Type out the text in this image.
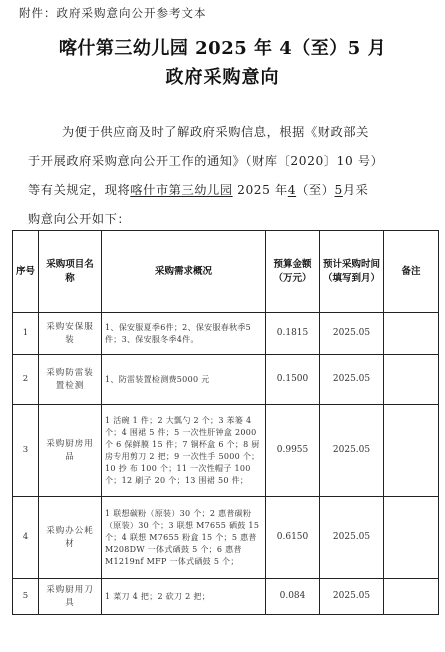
附件：政府采购意向公开参考文本
喀什第三幼儿园 2025 年 4（至）5 月
政府采购意向
为便于供应商及时了解政府采购信息，根据《财政部关
于开展政府采购意向公开工作的通知》（财库〔2020〕10 号）
等有关规定，现将喀什市第三幼儿园 2025 年4（至）5月采
购意向公开如下：
序号	采购项目名称	采购需求概况	预算金额（万元）	预计采购时间（填写到月）	备注
1	采购安保服装	1、保安服夏季6件；2、保安服春秋季5件；3、保安服冬季4件。	0.1815	2025.05	
2	采购防雷装置检测	1、防雷装置检测费5000 元	0.1500	2025.05	
3	采购厨房用品	1 活碗 1 件；2 大瓢勺 2 个；3 苯篓 4 个；4 围裙 5 件；5 一次性肝钟盒 2000 个 6 保鲜膜 15 件；7 铜杯盒 6 个；8 厨房专用剪刀 2 把；9 一次性手 5000 个；10 抄 布 100 个；11 一次性帽子 100 个；12 刷子 20 个；13 围裙 50 件；	0.9955	2025.05	
4	采购办公耗材	1 联想碳粉（原装）30 个；2 惠普碳粉（原装）30 个；3 联想 M7655 硒鼓 15 个；4 联想 M7655 粉盒 15 个；5 惠普 M208DW 一体式硒鼓 5 个；6 惠普 M1219nf MFP 一体式硒鼓 5 个；	0.6150	2025.05	
5	采购厨用刀具	1 菜刀 4 把；2 砍刀 2 把；	0.084	2025.05	
